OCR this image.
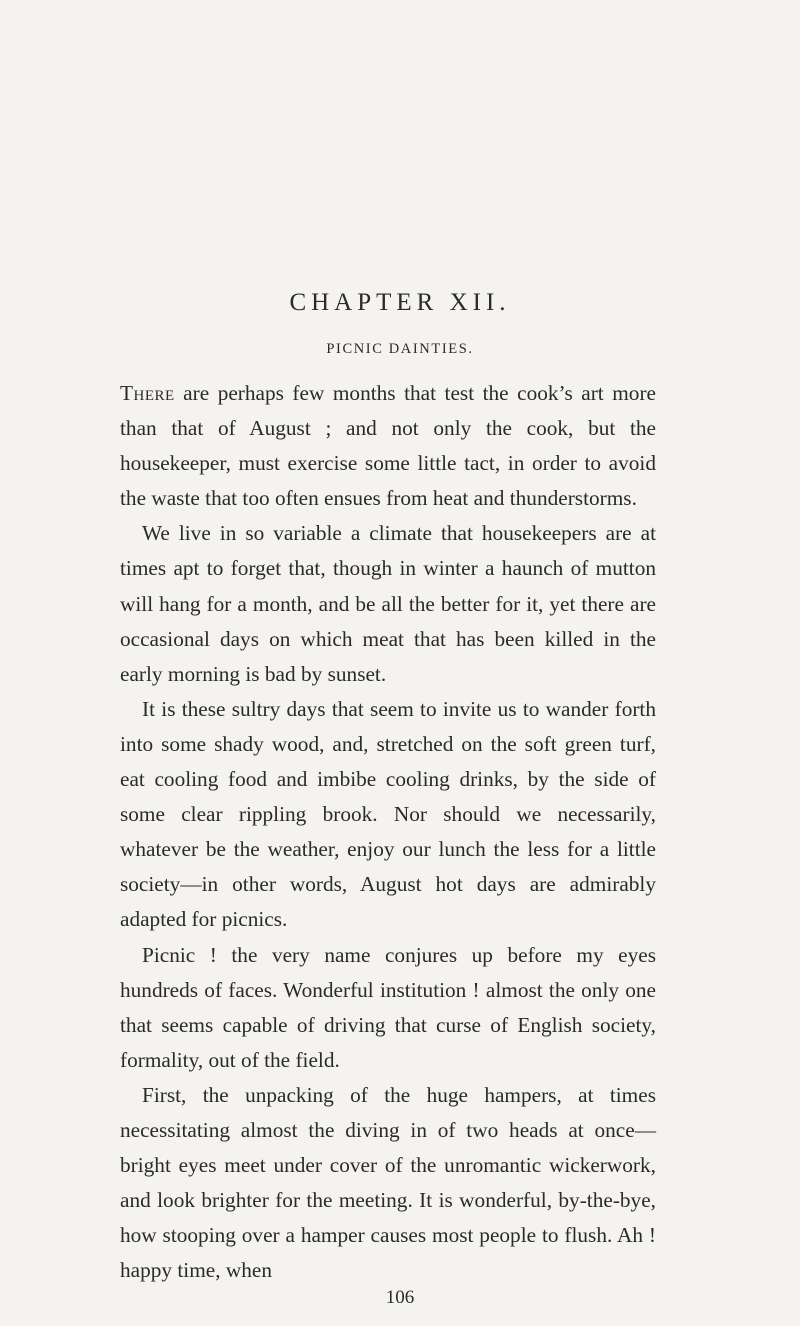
CHAPTER XII.
PICNIC DAINTIES.

There are perhaps few months that test the cook’s art more than that of August ; and not only the cook, but the housekeeper, must exercise some little tact, in order to avoid the waste that too often ensues from heat and thunderstorms.

We live in so variable a climate that housekeepers are at times apt to forget that, though in winter a haunch of mutton will hang for a month, and be all the better for it, yet there are occasional days on which meat that has been killed in the early morning is bad by sunset.

It is these sultry days that seem to invite us to wander forth into some shady wood, and, stretched on the soft green turf, eat cooling food and imbibe cooling drinks, by the side of some clear rippling brook. Nor should we necessarily, whatever be the weather, enjoy our lunch the less for a little society—in other words, August hot days are admirably adapted for picnics.

Picnic ! the very name conjures up before my eyes hundreds of faces. Wonderful institution ! almost the only one that seems capable of driving that curse of English society, formality, out of the field.

First, the unpacking of the huge hampers, at times necessitating almost the diving in of two heads at once—bright eyes meet under cover of the unromantic wickerwork, and look brighter for the meeting. It is wonderful, by-the-bye, how stooping over a hamper causes most people to flush. Ah ! happy time, when

106
